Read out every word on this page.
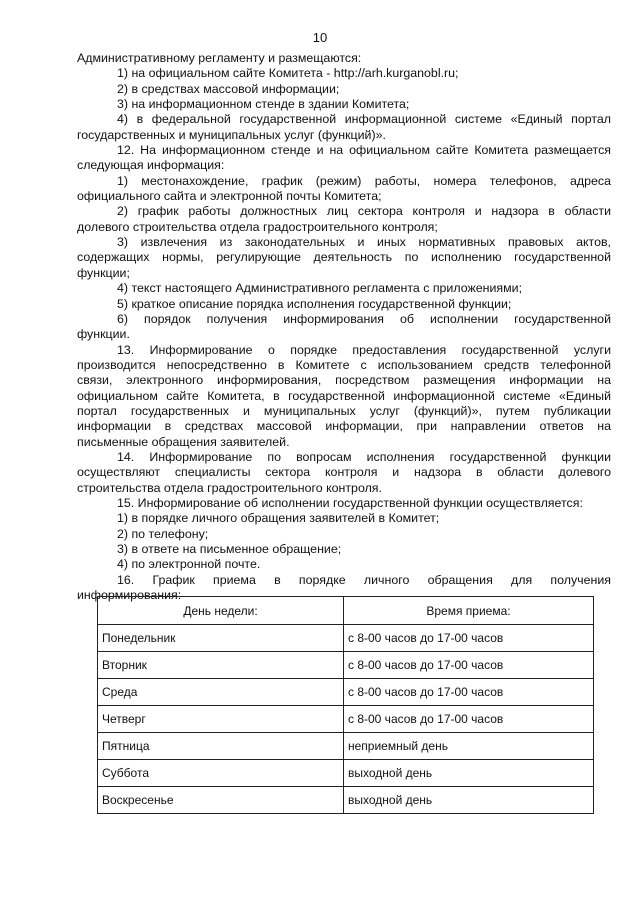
10
Административному регламенту и размещаются:
1) на официальном сайте Комитета - http://arh.kurganobl.ru;
2) в средствах массовой информации;
3) на информационном стенде в здании Комитета;
4) в федеральной государственной информационной системе «Единый портал
государственных и муниципальных услуг (функций)».
12. На информационном стенде и на официальном сайте Комитета размещается
следующая информация:
1) местонахождение, график (режим) работы, номера телефонов, адреса
официального сайта и электронной почты Комитета;
2) график работы должностных лиц сектора контроля и надзора в области
долевого строительства отдела градостроительного контроля;
3) извлечения из законодательных и иных нормативных правовых актов,
содержащих нормы, регулирующие деятельность по исполнению государственной
функции;
4) текст настоящего Административного регламента с приложениями;
5) краткое описание порядка исполнения государственной функции;
6) порядок получения информирования об исполнении государственной
функции.
13. Информирование о порядке предоставления государственной услуги
производится непосредственно в Комитете с использованием средств телефонной
связи, электронного информирования, посредством размещения информации на
официальном сайте Комитета, в государственной информационной системе «Единый
портал государственных и муниципальных услуг (функций)», путем публикации
информации в средствах массовой информации, при направлении ответов на
письменные обращения заявителей.
14. Информирование по вопросам исполнения государственной функции
осуществляют специалисты сектора контроля и надзора в области долевого
строительства отдела градостроительного контроля.
15. Информирование об исполнении государственной функции осуществляется:
1) в порядке личного обращения заявителей в Комитет;
2) по телефону;
3) в ответе на письменное обращение;
4) по электронной почте.
16. График приема в порядке личного обращения для получения
информирования:
День недели:	Время приема:
Понедельник	с 8-00 часов до 17-00 часов
Вторник	с 8-00 часов до 17-00 часов
Среда	с 8-00 часов до 17-00 часов
Четверг	с 8-00 часов до 17-00 часов
Пятница	неприемный день
Суббота	выходной день
Воскресенье	выходной день
